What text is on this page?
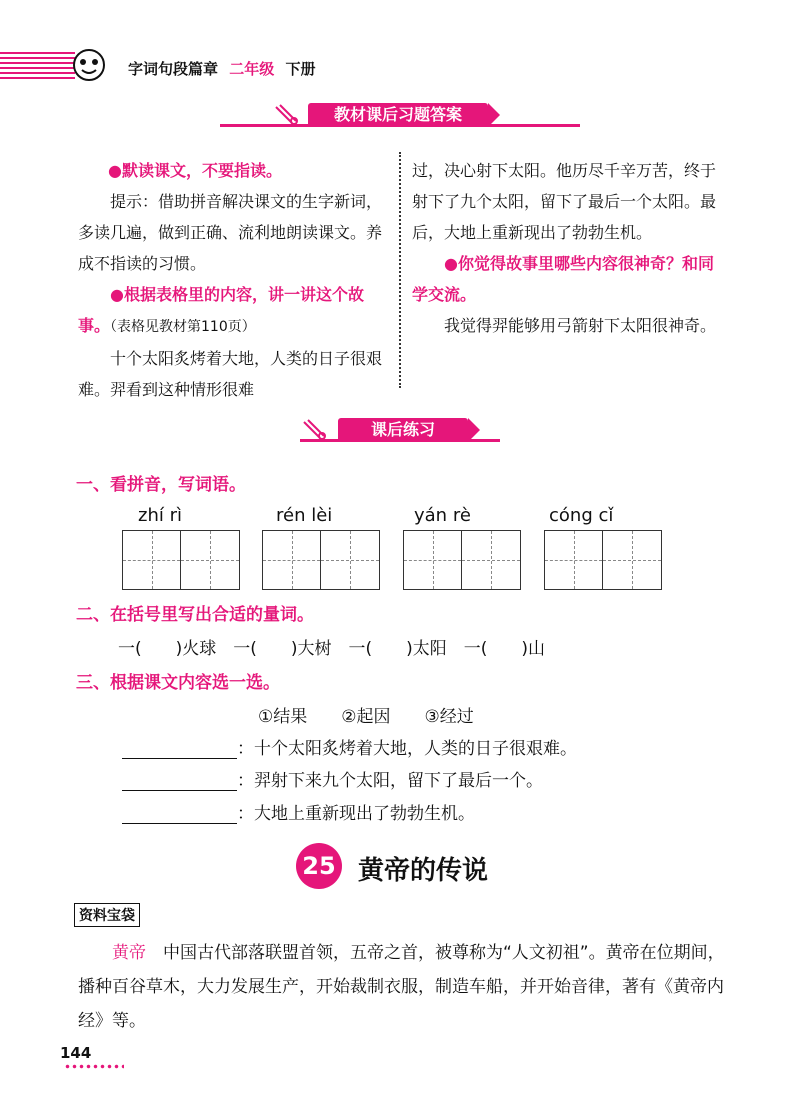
字词句段篇章 二年级 下册
教材课后习题答案

●默读课文，不要指读。

提示：借助拼音解决课文的生字新词，多读几遍，做到正确、流利地朗读课文。养成不指读的习惯。

●根据表格里的内容，讲一讲这个故事。（表格见教材第110页）

十个太阳炙烤着大地，人类的日子很艰难。羿看到这种情形很难

过，决心射下太阳。他历尽千辛万苦，终于射下了九个太阳，留下了最后一个太阳。最后，大地上重新现出了勃勃生机。

●你觉得故事里哪些内容很神奇？和同学交流。

我觉得羿能够用弓箭射下太阳很神奇。

课后练习
一、看拼音，写词语。
zhí rì	rén lèi	yán rè	cóng cǐ
二、在括号里写出合适的量词。
一(　　)火球　一(　　)大树　一(　　)太阳　一(　　)山
三、根据课文内容选一选。
①结果　　②起因　　③经过
：十个太阳炙烤着大地，人类的日子很艰难。
：羿射下来九个太阳，留下了最后一个。
：大地上重新现出了勃勃生机。
25 黄帝的传说
资料宝袋
黄帝　中国古代部落联盟首领，五帝之首，被尊称为“人文初祖”。黄帝在位期间，播种百谷草木，大力发展生产，开始裁制衣服，制造车船，并开始音律，著有《黄帝内经》等。
144
